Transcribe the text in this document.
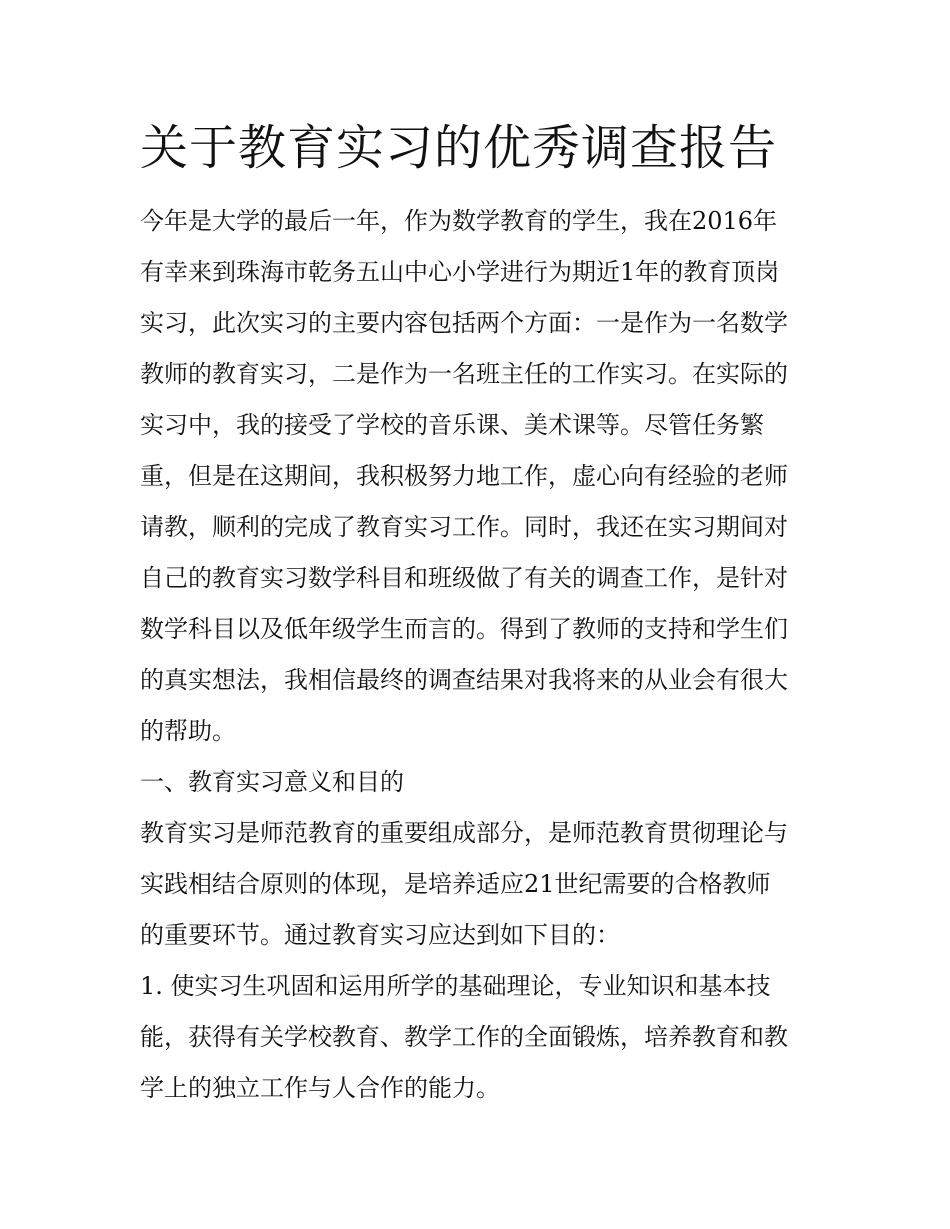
关于教育实习的优秀调查报告

今年是大学的最后一年，作为数学教育的学生，我在2016年

有幸来到珠海市乾务五山中心小学进行为期近1年的教育顶岗

实习，此次实习的主要内容包括两个方面：一是作为一名数学

教师的教育实习，二是作为一名班主任的工作实习。在实际的

实习中，我的接受了学校的音乐课、美术课等。尽管任务繁

重，但是在这期间，我积极努力地工作，虚心向有经验的老师

请教，顺利的完成了教育实习工作。同时，我还在实习期间对

自己的教育实习数学科目和班级做了有关的调查工作，是针对

数学科目以及低年级学生而言的。得到了教师的支持和学生们

的真实想法，我相信最终的调查结果对我将来的从业会有很大

的帮助。

一、教育实习意义和目的

教育实习是师范教育的重要组成部分，是师范教育贯彻理论与

实践相结合原则的体现，是培养适应21世纪需要的合格教师

的重要环节。通过教育实习应达到如下目的：

1. 使实习生巩固和运用所学的基础理论，专业知识和基本技

能，获得有关学校教育、教学工作的全面锻炼，培养教育和教

学上的独立工作与人合作的能力。
